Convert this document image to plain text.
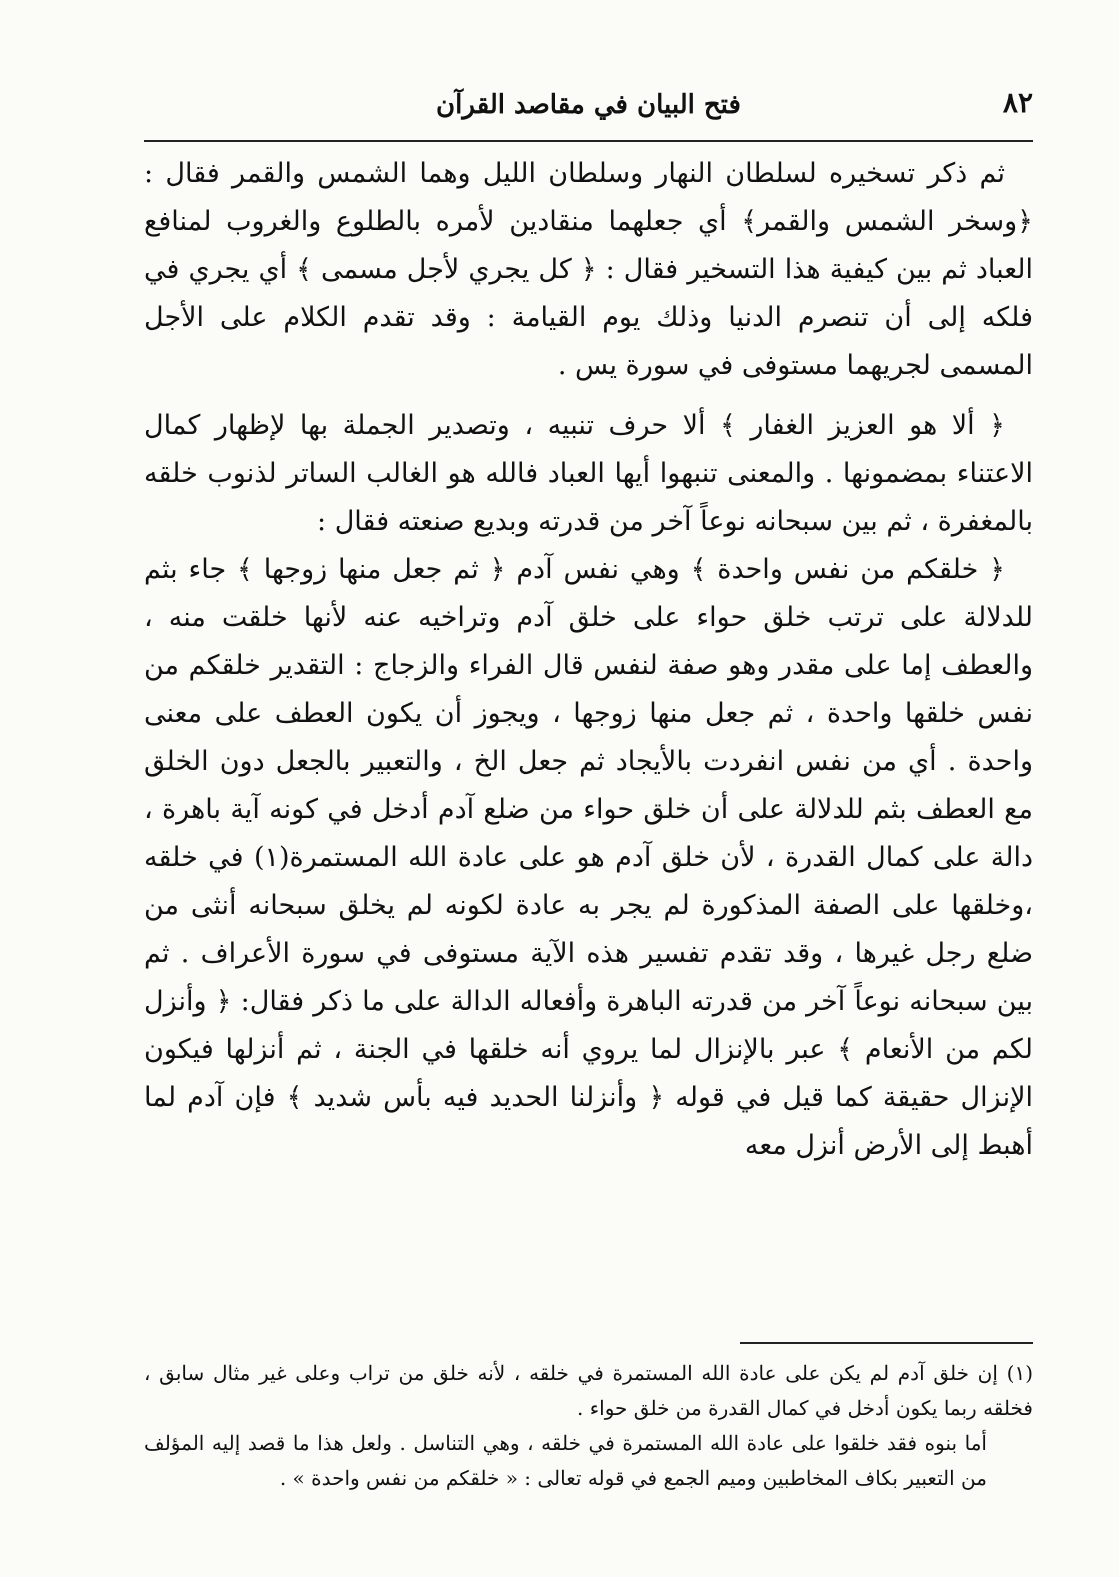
٨٢
فتح البيان في مقاصد القرآن

ثم ذكر تسخيره لسلطان النهار وسلطان الليل وهما الشمس والقمر فقال : ﴿وسخر الشمس والقمر﴾ أي جعلهما منقادين لأمره بالطلوع والغروب لمنافع العباد ثم بين كيفية هذا التسخير فقال : ﴿ كل يجري لأجل مسمى ﴾ أي يجري في فلكه إلى أن تنصرم الدنيا وذلك يوم القيامة : وقد تقدم الكلام على الأجل المسمى لجريهما مستوفى في سورة يس .

﴿ ألا هو العزيز الغفار ﴾ ألا حرف تنبيه ، وتصدير الجملة بها لإظهار كمال الاعتناء بمضمونها . والمعنى تنبهوا أيها العباد فالله هو الغالب الساتر لذنوب خلقه بالمغفرة ، ثم بين سبحانه نوعاً آخر من قدرته وبديع صنعته فقال :

﴿ خلقكم من نفس واحدة ﴾ وهي نفس آدم ﴿ ثم جعل منها زوجها ﴾ جاء بثم للدلالة على ترتب خلق حواء على خلق آدم وتراخيه عنه لأنها خلقت منه ، والعطف إما على مقدر وهو صفة لنفس قال الفراء والزجاج : التقدير خلقكم من نفس خلقها واحدة ، ثم جعل منها زوجها ، ويجوز أن يكون العطف على معنى واحدة . أي من نفس انفردت بالأيجاد ثم جعل الخ ، والتعبير بالجعل دون الخلق مع العطف بثم للدلالة على أن خلق حواء من ضلع آدم أدخل في كونه آية باهرة ، دالة على كمال القدرة ، لأن خلق آدم هو على عادة الله المستمرة(١) في خلقه ،وخلقها على الصفة المذكورة لم يجر به عادة لكونه لم يخلق سبحانه أنثى من ضلع رجل غيرها ، وقد تقدم تفسير هذه الآية مستوفى في سورة الأعراف . ثم بين سبحانه نوعاً آخر من قدرته الباهرة وأفعاله الدالة على ما ذكر فقال: ﴿ وأنزل لكم من الأنعام ﴾ عبر بالإنزال لما يروي أنه خلقها في الجنة ، ثم أنزلها فيكون الإنزال حقيقة كما قيل في قوله ﴿ وأنزلنا الحديد فيه بأس شديد ﴾ فإن آدم لما أهبط إلى الأرض أنزل معه

(١) إن خلق آدم لم يكن على عادة الله المستمرة في خلقه ، لأنه خلق من تراب وعلى غير مثال سابق ، فخلقه ربما يكون أدخل في كمال القدرة من خلق حواء .

أما بنوه فقد خلقوا على عادة الله المستمرة في خلقه ، وهي التناسل . ولعل هذا ما قصد إليه المؤلف من التعبير بكاف المخاطبين وميم الجمع في قوله تعالى : « خلقكم من نفس واحدة » .
